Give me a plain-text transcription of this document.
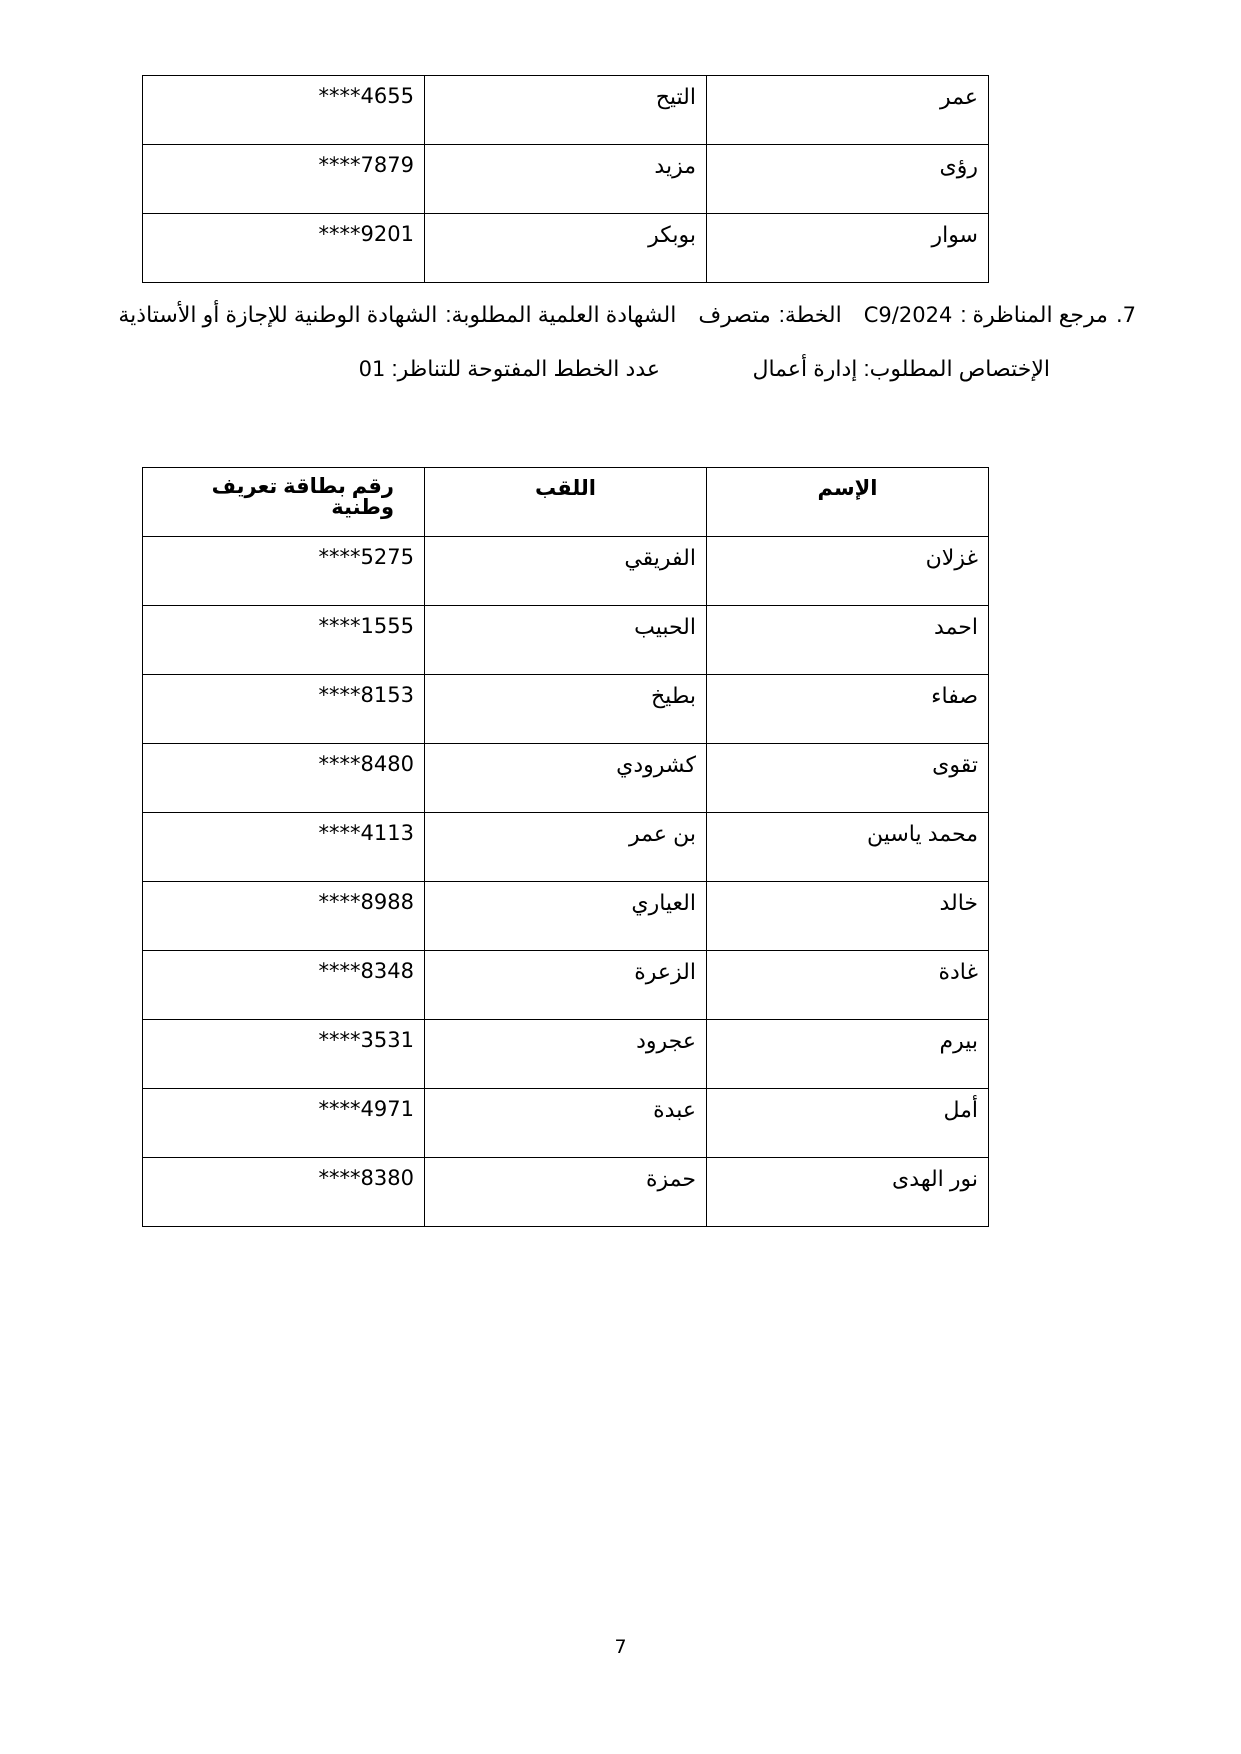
****4655	التيح	عمر
****7879	مزيد	رؤى
****9201	بوبكر	سوار
7.مرجع المناظرة :C9/2024الخطة:متصرفالشهادة العلمية المطلوبة:الشهادة الوطنية للإجازة أو الأستاذية
الإختصاص المطلوب: إدارة أعمال
عدد الخطط المفتوحة للتناظر: 01
رقم بطاقة تعريف وطنية	اللقب	الإسم
****5275	الفريقي	غزلان
****1555	الحبيب	احمد
****8153	بطيخ	صفاء
****8480	كشرودي	تقوى
****4113	بن عمر	محمد ياسين
****8988	العياري	خالد
****8348	الزعرة	غادة
****3531	عجرود	بيرم
****4971	عبدة	أمل
****8380	حمزة	نور الهدى
7
